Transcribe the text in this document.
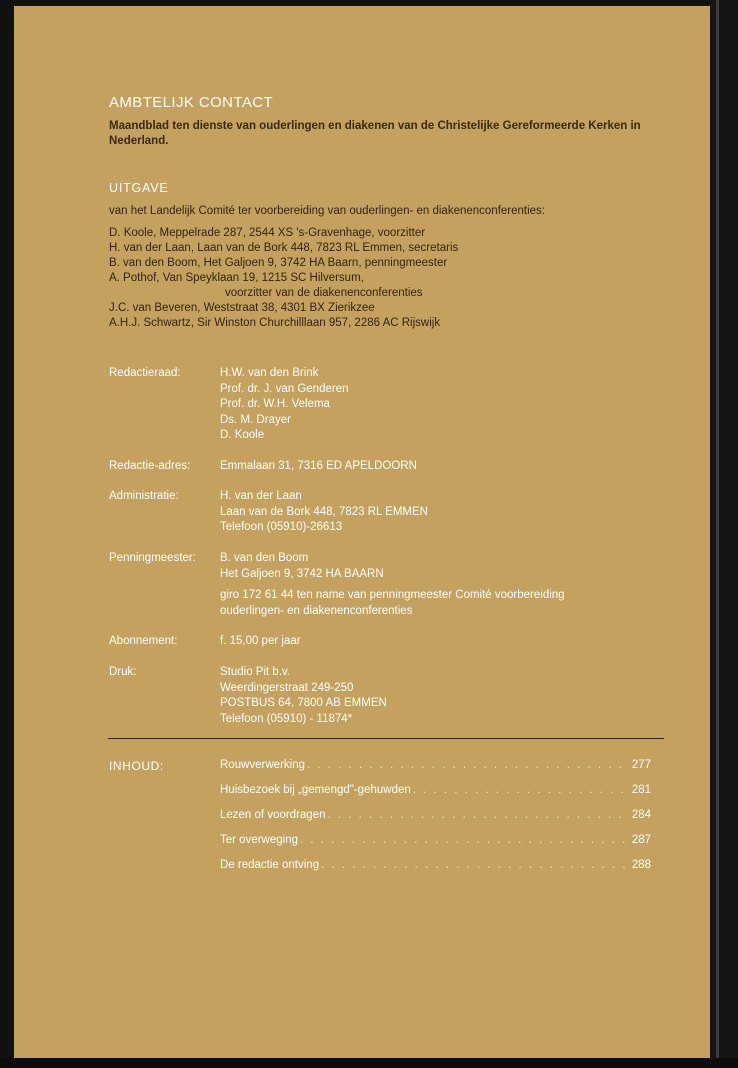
AMBTELIJK CONTACT
Maandblad ten dienste van ouderlingen en diakenen van de Christelijke Gereformeerde Kerken in Nederland.
UITGAVE
van het Landelijk Comité ter voorbereiding van ouderlingen- en diakenenconferenties:
D. Koole, Meppelrade 287, 2544 XS 's-Gravenhage, voorzitter
H. van der Laan, Laan van de Bork 448, 7823 RL Emmen, secretaris
B. van den Boom, Het Galjoen 9, 3742 HA Baarn, penningmeester
A. Pothof, Van Speyklaan 19, 1215 SC Hilversum,
voorzitter van de diakenenconferenties
J.C. van Beveren, Weststraat 38, 4301 BX Zierikzee
A.H.J. Schwartz, Sir Winston Churchilllaan 957, 2286 AC Rijswijk
Redactieraad:	H.W. van den Brink
Prof. dr. J. van Genderen
Prof. dr. W.H. Velema
Ds. M. Drayer
D. Koole
Redactie-adres:	Emmalaan 31, 7316 ED APELDOORN
Administratie:	H. van der Laan
Laan van de Bork 448, 7823 RL EMMEN
Telefoon (05910)-26613
Penningmeester: B. van den Boom
Het Galjoen 9, 3742 HA BAARN
giro 172 61 44 ten name van penningmeester Comité voorbereiding
ouderlingen- en diakenenconferenties
Abonnement:	f. 15,00 per jaar
Druk:	Studio Pit b.v.
Weerdingerstraat 249-250
POSTBUS 64, 7800 AB EMMEN
Telefoon (05910) - 11874*
INHOUD:	Rouwverwerking . . .	277
Huisbezoek bij „gemengd"-gehuwden . . .	281
Lezen of voordragen . . .	284
Ter overweging . . .	287
De redactie ontving . . .	288
